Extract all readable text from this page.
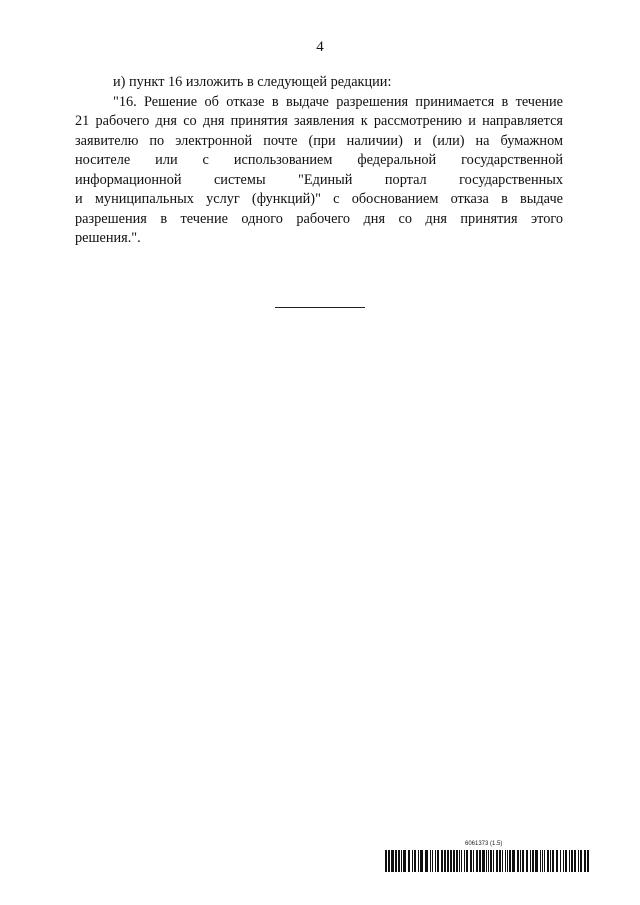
4
и) пункт 16 изложить в следующей редакции:
"16. Решение об отказе в выдаче разрешения принимается в течение
21 рабочего дня со дня принятия заявления к рассмотрению и направляется
заявителю по электронной почте (при наличии) и (или) на бумажном
носителе или с использованием федеральной государственной
информационной системы "Единый портал государственных
и муниципальных услуг (функций)" с обоснованием отказа в выдаче
разрешения в течение одного рабочего дня со дня принятия этого
решения.".
6061373 (1.5)
